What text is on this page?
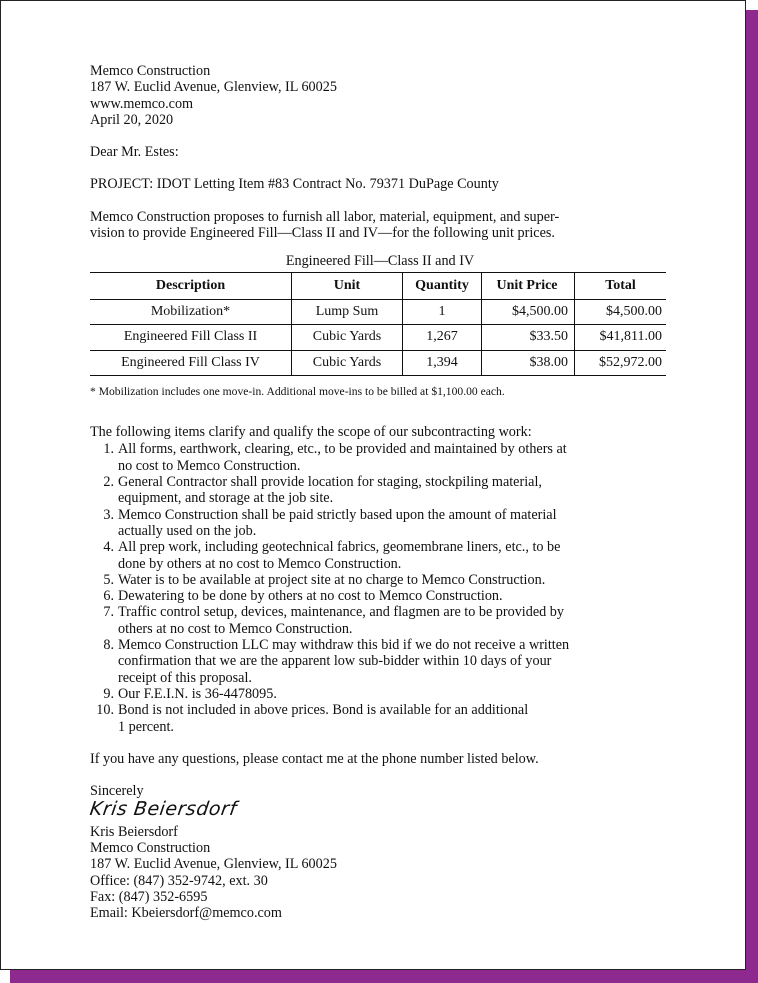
Memco Construction
187 W. Euclid Avenue, Glenview, IL 60025
www.memco.com
April 20, 2020
Dear Mr. Estes:
PROJECT: IDOT Letting Item #83 Contract No. 79371 DuPage County
Memco Construction proposes to furnish all labor, material, equipment, and super-
vision to provide Engineered Fill—Class II and IV—for the following unit prices.
Engineered Fill—Class II and IV
Description	Unit	Quantity	Unit Price	Total
Mobilization*	Lump Sum	1	$4,500.00	$4,500.00
Engineered Fill Class II	Cubic Yards	1,267	$33.50	$41,811.00
Engineered Fill Class IV	Cubic Yards	1,394	$38.00	$52,972.00
* Mobilization includes one move-in. Additional move-ins to be billed at $1,100.00 each.
The following items clarify and qualify the scope of our subcontracting work:
1. All forms, earthwork, clearing, etc., to be provided and maintained by others at
no cost to Memco Construction.
2. General Contractor shall provide location for staging, stockpiling material,
equipment, and storage at the job site.
3. Memco Construction shall be paid strictly based upon the amount of material
actually used on the job.
4. All prep work, including geotechnical fabrics, geomembrane liners, etc., to be
done by others at no cost to Memco Construction.
5. Water is to be available at project site at no charge to Memco Construction.
6. Dewatering to be done by others at no cost to Memco Construction.
7. Traffic control setup, devices, maintenance, and flagmen are to be provided by
others at no cost to Memco Construction.
8. Memco Construction LLC may withdraw this bid if we do not receive a written
confirmation that we are the apparent low sub-bidder within 10 days of your
receipt of this proposal.
9. Our F.E.I.N. is 36-4478095.
10. Bond is not included in above prices. Bond is available for an additional
1 percent.
If you have any questions, please contact me at the phone number listed below.
Sincerely
Kris Beiersdorf
Kris Beiersdorf
Memco Construction
187 W. Euclid Avenue, Glenview, IL 60025
Office: (847) 352-9742, ext. 30
Fax: (847) 352-6595
Email: Kbeiersdorf@memco.com
